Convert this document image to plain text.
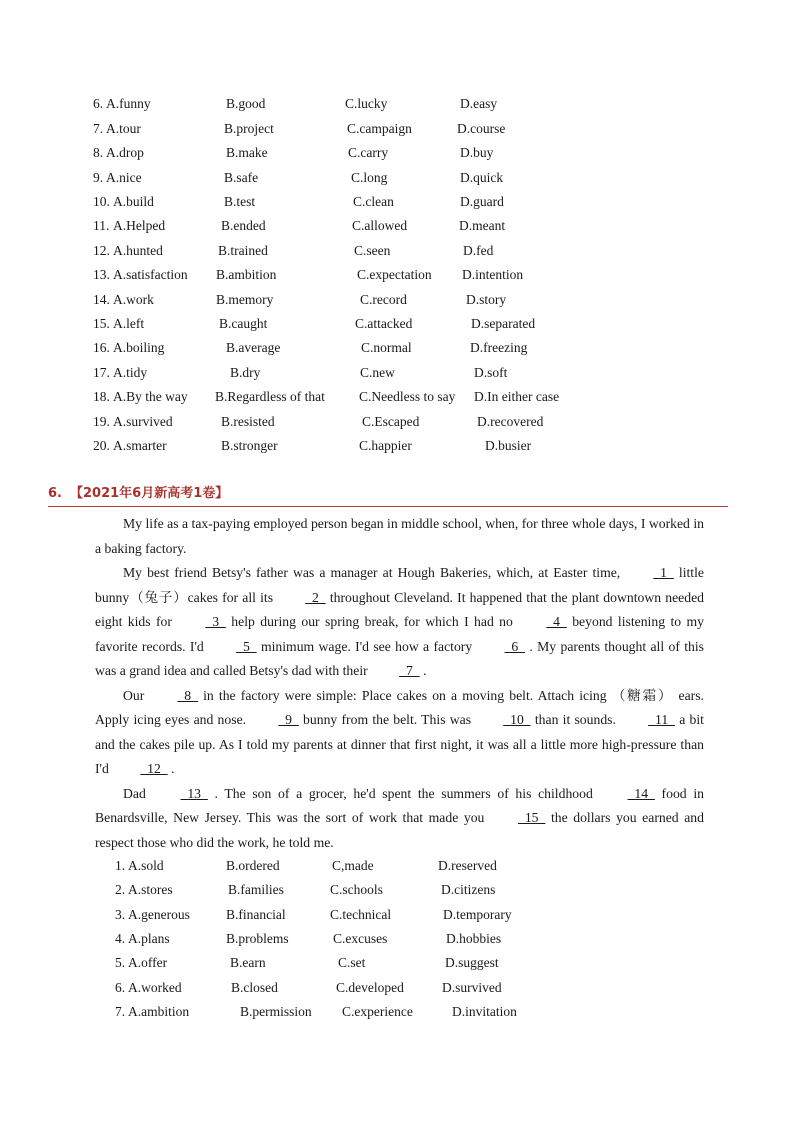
6. A.funny	B.good	C.lucky	D.easy
7. A.tour	B.project	C.campaign	D.course
8. A.drop	B.make	C.carry	D.buy
9. A.nice	B.safe	C.long	D.quick
10. A.build	B.test	C.clean	D.guard
11. A.Helped	B.ended	C.allowed	D.meant
12. A.hunted	B.trained	C.seen	D.fed
13. A.satisfaction B.ambition	C.expectation D.intention
14. A.work	B.memory	C.record	D.story
15. A.left	B.caught	C.attacked	D.separated
16. A.boiling	B.average	C.normal	D.freezing
17. A.tidy	B.dry	C.new	D.soft
18. A.By the way B.Regardless of that	C.Needless to say D.In either case
19. A.survived	B.resisted	C.Escaped	D.recovered
20. A.smarter	B.stronger	C.happier	D.busier
6. 【2021年6月新高考1卷】

My life as a tax-paying employed person began in middle school, when, for three whole days, I worked in a baking factory.

My best friend Betsy's father was a manager at Hough Bakeries, which, at Easter time,   1   little bunny（兔子）cakes for all its   2   throughout Cleveland. It happened that the plant downtown needed eight kids for   3   help during our spring break, for which I had no   4   beyond listening to my favorite records. I'd   5   minimum wage. I'd see how a factory   6   . My parents thought all of this was a grand idea and called Betsy's dad with their   7   .

Our   8   in the factory were simple: Place cakes on a moving belt. Attach icing （糖霜） ears. Apply icing eyes and nose.   9   bunny from the belt. This was   10   than it sounds.   11   a bit and the cakes pile up. As I told my parents at dinner that first night, it was all a little more high-pressure than I'd   12   .

Dad   13   . The son of a grocer, he'd spent the summers of his childhood   14   food in Benardsville, New Jersey. This was the sort of work that made you   15   the dollars you earned and respect those who did the work, he told me.

1. A.sold	B.ordered	C,made	D.reserved
2. A.stores	B.families	C.schools	D.citizens
3. A.generous	B.financial	C.technical	D.temporary
4. A.plans	B.problems	C.excuses	D.hobbies
5. A.offer	B.earn	C.set	D.suggest
6. A.worked	B.closed	C.developed	D.survived
7. A.ambition	B.permission C.experience	D.invitation
